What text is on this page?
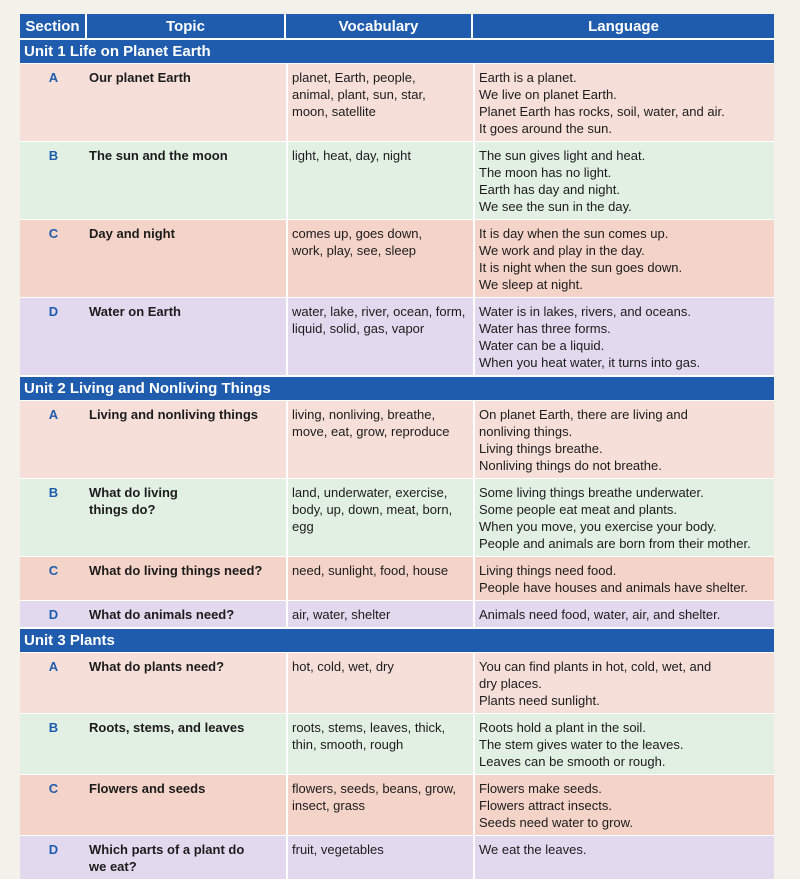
Section	Topic	Vocabulary	Language
Unit 1 Life on Planet Earth			
A	Our planet Earth	planet, Earth, people,
animal, plant, sun, star,
moon, satellite	Earth is a planet.
We live on planet Earth.
Planet Earth has rocks, soil, water, and air.
It goes around the sun.

B	The sun and the moon	light, heat, day, night	The sun gives light and heat.
The moon has no light.
Earth has day and night.
We see the sun in the day.

C	Day and night	comes up, goes down,
work, play, see, sleep	It is day when the sun comes up.
We work and play in the day.
It is night when the sun goes down.
We sleep at night.

D	Water on Earth	water, lake, river, ocean, form,
liquid, solid, gas, vapor	Water is in lakes, rivers, and oceans.
Water has three forms.
Water can be a liquid.
When you heat water, it turns into gas.

Unit 2 Living and Nonliving Things			
A	Living and nonliving things	living, nonliving, breathe,
move, eat, grow, reproduce	On planet Earth, there are living and
nonliving things.
Living things breathe.
Nonliving things do not breathe.

B	What do living
things do?	land, underwater, exercise,
body, up, down, meat, born,
egg	Some living things breathe underwater.
Some people eat meat and plants.
When you move, you exercise your body.
People and animals are born from their mother.

C	What do living things need?	need, sunlight, food, house	Living things need food.
People have houses and animals have shelter.

D	What do animals need?	air, water, shelter	Animals need food, water, air, and shelter.

Unit 3 Plants			
A	What do plants need?	hot, cold, wet, dry	You can find plants in hot, cold, wet, and
dry places.
Plants need sunlight.

B	Roots, stems, and leaves	roots, stems, leaves, thick,
thin, smooth, rough	Roots hold a plant in the soil.
The stem gives water to the leaves.
Leaves can be smooth or rough.

C	Flowers and seeds	flowers, seeds, beans, grow,
insect, grass	Flowers make seeds.
Flowers attract insects.
Seeds need water to grow.

D	Which parts of a plant do
we eat?	fruit, vegetables	We eat the leaves.
